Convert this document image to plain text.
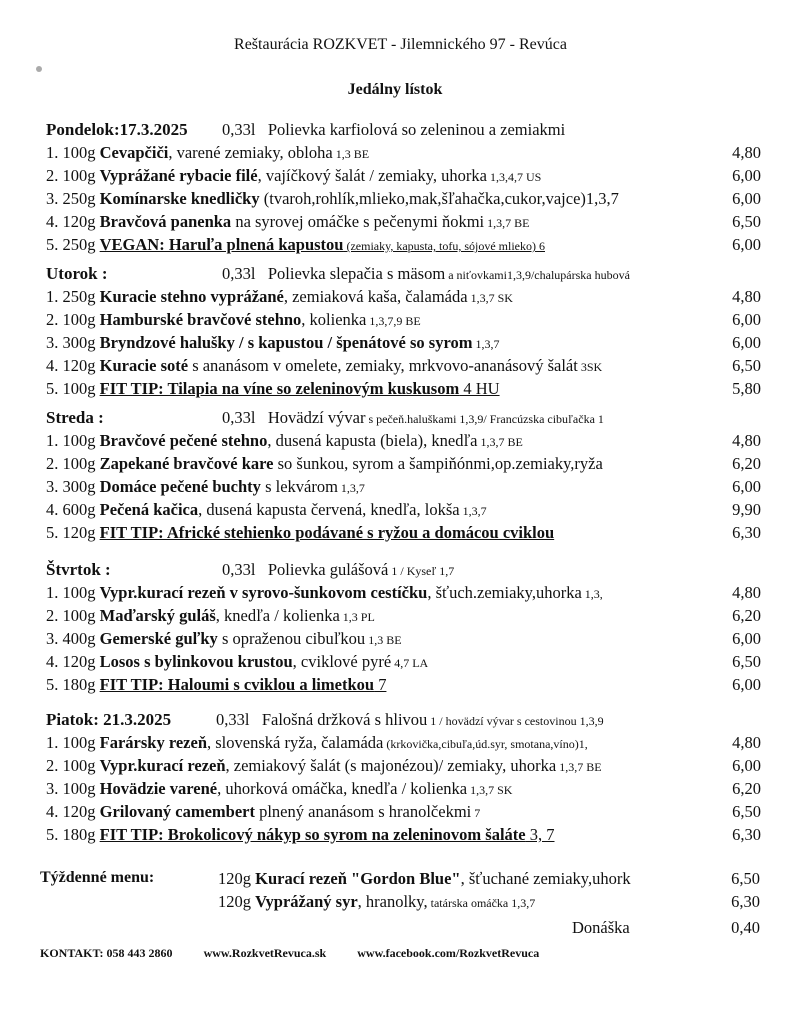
Reštaurácia ROZKVET - Jilemnického 97 - Revúca
Jedálny lístok
Pondelok:17.3.2025 0,33l Polievka karfiolová so zeleninou a zemiakmi
1. 100g Cevapčiči, varené zemiaky, obloha 1,3 BE	4,80
2. 100g Vyprážané rybacie filé, vajíčkový šalát / zemiaky, uhorka 1,3,4,7 US	6,00
3. 250g Komínarske knedličky (tvaroh,rohlík,mlieko,mak,šľahačka,cukor,vajce)1,3,7	6,00
4. 120g Bravčová panenka na syrovej omáčke s pečenymi ňokmi 1,3,7 BE	6,50
5. 250g VEGAN: Haruľa plnená kapustou (zemiaky, kapusta, tofu, sójové mlieko) 6	6,00
Utorok :	0,33l Polievka slepačia s mäsom a niťovkami1,3,9/chalupárska hubová
1. 250g Kuracie stehno vyprážané, zemiaková kaša, čalamáda 1,3,7 SK	4,80
2. 100g Hamburské bravčové stehno, kolienka 1,3,7,9 BE	6,00
3. 300g Bryndzové halušky / s kapustou / špenátové so syrom 1,3,7	6,00
4. 120g Kuracie soté s ananásom v omelete, zemiaky, mrkvovo-ananásový šalát 3SK	6,50
5. 100g FIT TIP: Tilapia na víne so zeleninovým kuskusom 4 HU	5,80
Streda :	0,33l Hovädzí vývar s pečeň.haluškami 1,3,9/ Francúzska cibuľačka 1
1. 100g Bravčové pečené stehno, dusená kapusta (biela), knedľa 1,3,7 BE	4,80
2. 100g Zapekané bravčové kare so šunkou, syrom a šampiňónmi,op.zemiaky,ryža	6,20
3. 300g Domáce pečené buchty s lekvárom 1,3,7	6,00
4. 600g Pečená kačica, dusená kapusta červená, knedľa, lokša 1,3,7	9,90
5. 120g FIT TIP: Africké stehienko podávané s ryžou a domácou cviklou	6,30
Štvrtok :	0,33l Polievka gulášová 1 / Kyseľ 1,7
1. 100g Vypr.kurací rezeň v syrovo-šunkovom cestíčku, šťuch.zemiaky,uhorka 1,3,	4,80
2. 100g Maďarský guláš, knedľa / kolienka 1,3 PL	6,20
3. 400g Gemerské guľky s opraženou cibuľkou 1,3 BE	6,00
4. 120g Losos s bylinkovou krustou, cviklové pyré 4,7 LA	6,50
5. 180g FIT TIP: Haloumi s cviklou a limetkou 7	6,00
Piatok: 21.3.2025	0,33l Falošná držková s hlivou 1 / hovädzí vývar s cestovinou 1,3,9
1. 100g Farársky rezeň, slovenská ryža, čalamáda (krkovička,cibuľa,úd.syr, smotana,víno)1,	4,80
2. 100g Vypr.kurací rezeň, zemiakový šalát (s majonézou)/ zemiaky, uhorka 1,3,7 BE	6,00
3. 100g Hovädzie varené, uhorková omáčka, knedľa / kolienka 1,3,7 SK	6,20
4. 120g Grilovaný camembert plnený ananásom s hranolčekmi 7	6,50
5. 180g FIT TIP: Brokolicový nákyp so syrom na zeleninovom šaláte 3, 7	6,30
Týždenné menu:	120g Kurací rezeň "Gordon Blue", šťuchané zemiaky,uhork	6,50
120g Vyprážaný syr, hranolky, tatárska omáčka 1,3,7	6,30
Donáška	0,40
KONTAKT: 058 443 2860	www.RozkvetRevuca.sk	www.facebook.com/RozkvetRevuca
